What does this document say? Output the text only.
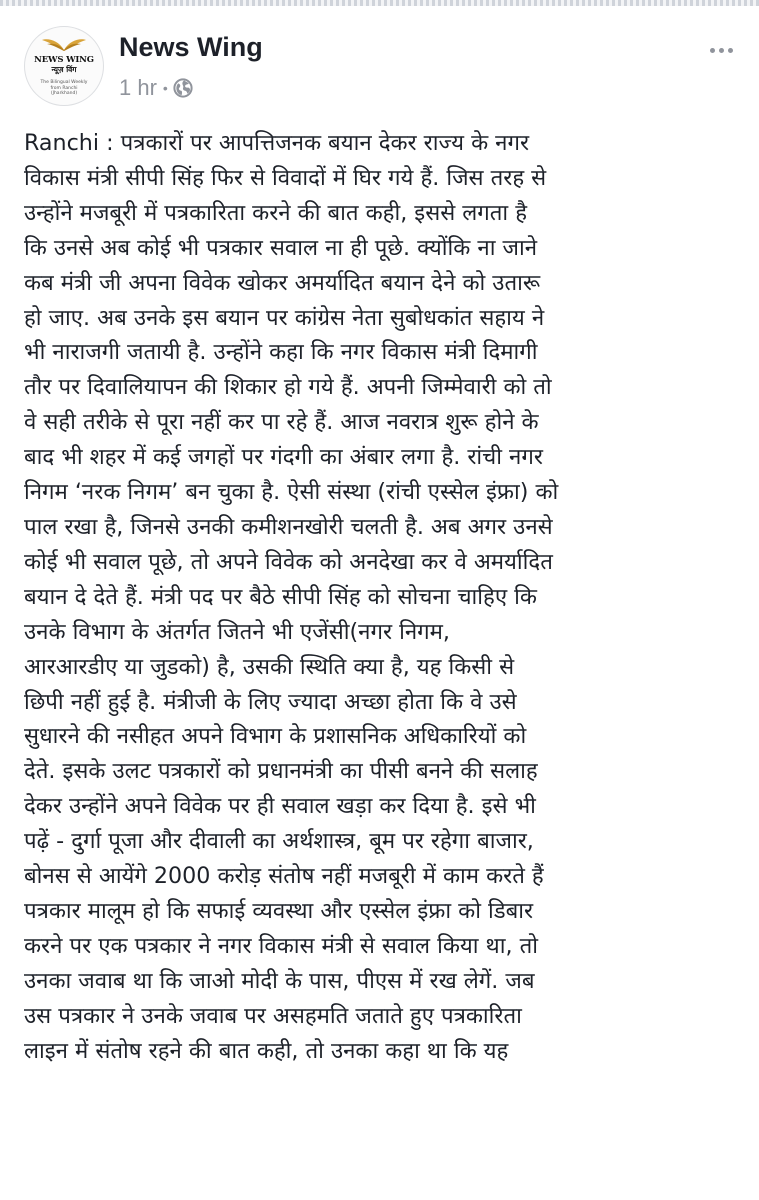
NEWS WING
न्यूज़ विंग
The Bilingual Weekly from Ranchi (Jharkhand)
News Wing
1 hr •
Ranchi : पत्रकारों पर आपत्तिजनक बयान देकर राज्य के नगर
विकास मंत्री सीपी सिंह फिर से विवादों में घिर गये हैं. जिस तरह से
उन्होंने मजबूरी में पत्रकारिता करने की बात कही, इससे लगता है
कि उनसे अब कोई भी पत्रकार सवाल ना ही पूछे. क्योंकि ना जाने
कब मंत्री जी अपना विवेक खोकर अमर्यादित बयान देने को उतारू
हो जाए. अब उनके इस बयान पर कांग्रेस नेता सुबोधकांत सहाय ने
भी नाराजगी जतायी है. उन्होंने कहा कि नगर विकास मंत्री दिमागी
तौर पर दिवालियापन की शिकार हो गये हैं. अपनी जिम्मेवारी को तो
वे सही तरीके से पूरा नहीं कर पा रहे हैं. आज नवरात्र शुरू होने के
बाद भी शहर में कई जगहों पर गंदगी का अंबार लगा है. रांची नगर
निगम ‘नरक निगम’ बन चुका है. ऐसी संस्था (रांची एस्सेल इंफ्रा) को
पाल रखा है, जिनसे उनकी कमीशनखोरी चलती है. अब अगर उनसे
कोई भी सवाल पूछे, तो अपने विवेक को अनदेखा कर वे अमर्यादित
बयान दे देते हैं. मंत्री पद पर बैठे सीपी सिंह को सोचना चाहिए कि
उनके विभाग के अंतर्गत जितने भी एजेंसी(नगर निगम,
आरआरडीए या जुडको) है, उसकी स्थिति क्या है, यह किसी से
छिपी नहीं हुई है. मंत्रीजी के लिए ज्यादा अच्छा होता कि वे उसे
सुधारने की नसीहत अपने विभाग के प्रशासनिक अधिकारियों को
देते. इसके उलट पत्रकारों को प्रधानमंत्री का पीसी बनने की सलाह
देकर उन्होंने अपने विवेक पर ही सवाल खड़ा कर दिया है. इसे भी
पढ़ें - दुर्गा पूजा और दीवाली का अर्थशास्त्र, बूम पर रहेगा बाजार,
बोनस से आयेंगे 2000 करोड़ संतोष नहीं मजबूरी में काम करते हैं
पत्रकार मालूम हो कि सफाई व्यवस्था और एस्सेल इंफ्रा को डिबार
करने पर एक पत्रकार ने नगर विकास मंत्री से सवाल किया था, तो
उनका जवाब था कि जाओ मोदी के पास, पीएस में रख लेगें. जब
उस पत्रकार ने उनके जवाब पर असहमति जताते हुए पत्रकारिता
लाइन में संतोष रहने की बात कही, तो उनका कहा था कि यह
